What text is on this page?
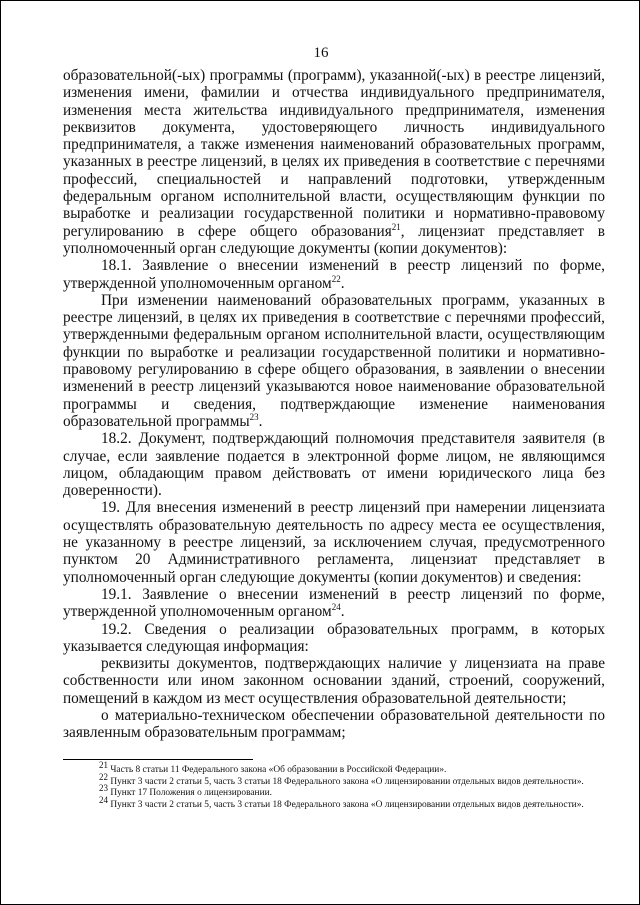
16

образовательной(-ых) программы (программ), указанной(-ых) в реестре лицензий, изменения имени, фамилии и отчества индивидуального предпринимателя, изменения места жительства индивидуального предпринимателя, изменения реквизитов документа, удостоверяющего личность индивидуального предпринимателя, а также изменения наименований образовательных программ, указанных в реестре лицензий, в целях их приведения в соответствие с перечнями профессий, специальностей и направлений подготовки, утвержденным федеральным органом исполнительной власти, осуществляющим функции по выработке и реализации государственной политики и нормативно-правовому регулированию в сфере общего образования$^{21}$, лицензиат представляет в уполномоченный орган следующие документы (копии документов):

18.1. Заявление о внесении изменений в реестр лицензий по форме, утвержденной уполномоченным органом$^{22}$.

При изменении наименований образовательных программ, указанных в реестре лицензий, в целях их приведения в соответствие с перечнями профессий, утвержденными федеральным органом исполнительной власти, осуществляющим функции по выработке и реализации государственной политики и нормативно-правовому регулированию в сфере общего образования, в заявлении о внесении изменений в реестр лицензий указываются новое наименование образовательной программы и сведения, подтверждающие изменение наименования образовательной программы$^{23}$.

18.2. Документ, подтверждающий полномочия представителя заявителя (в случае, если заявление подается в электронной форме лицом, не являющимся лицом, обладающим правом действовать от имени юридического лица без доверенности).

19. Для внесения изменений в реестр лицензий при намерении лицензиата осуществлять образовательную деятельность по адресу места ее осуществления, не указанному в реестре лицензий, за исключением случая, предусмотренного пунктом 20 Административного регламента, лицензиат представляет в уполномоченный орган следующие документы (копии документов) и сведения:

19.1. Заявление о внесении изменений в реестр лицензий по форме, утвержденной уполномоченным органом$^{24}$.

19.2. Сведения о реализации образовательных программ, в которых указывается следующая информация:

реквизиты документов, подтверждающих наличие у лицензиата на праве собственности или ином законном основании зданий, строений, сооружений, помещений в каждом из мест осуществления образовательной деятельности;

о материально-техническом обеспечении образовательной деятельности по заявленным образовательным программам;

$^{21}$ Часть 8 статьи 11 Федерального закона «Об образовании в Российской Федерации».

$^{22}$ Пункт 3 части 2 статьи 5, часть 3 статьи 18 Федерального закона «О лицензировании отдельных видов деятельности».

$^{23}$ Пункт 17 Положения о лицензировании.

$^{24}$ Пункт 3 части 2 статьи 5, часть 3 статьи 18 Федерального закона «О лицензировании отдельных видов деятельности».
